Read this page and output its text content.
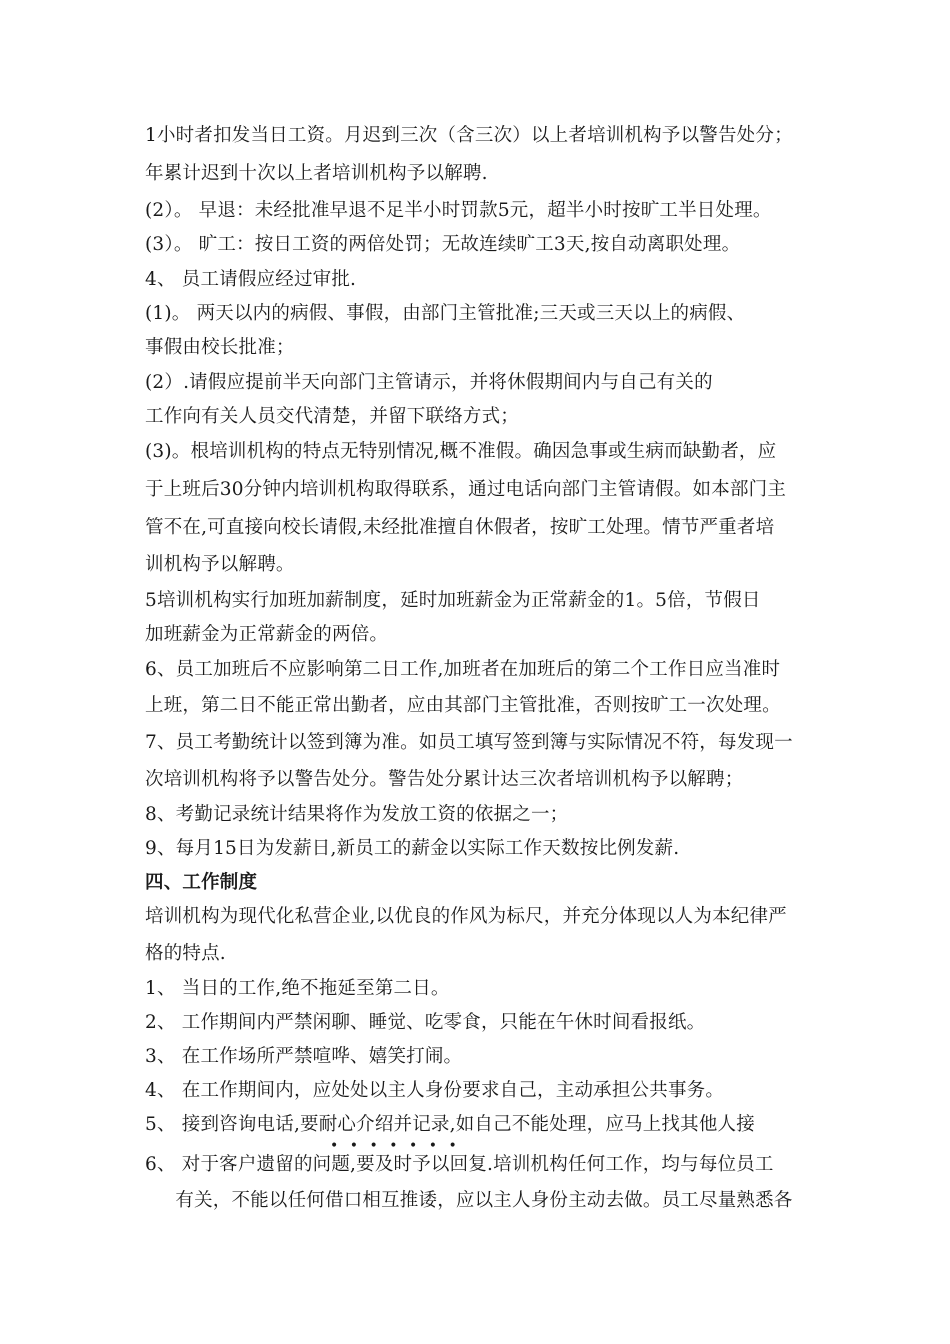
1小时者扣发当日工资。月迟到三次（含三次）以上者培训机构予以警告处分；
年累计迟到十次以上者培训机构予以解聘.
(2）。 早退：未经批准早退不足半小时罚款5元，超半小时按旷工半日处理。
(3）。 旷工：按日工资的两倍处罚；无故连续旷工3天,按自动离职处理。
4、 员工请假应经过审批.
(1)。 两天以内的病假、事假，由部门主管批准;三天或三天以上的病假、
事假由校长批准；
(2）.请假应提前半天向部门主管请示，并将休假期间内与自己有关的
工作向有关人员交代清楚，并留下联络方式；
(3)。根培训机构的特点无特别情况,概不准假。确因急事或生病而缺勤者，应
于上班后30分钟内培训机构取得联系，通过电话向部门主管请假。如本部门主
管不在,可直接向校长请假,未经批准擅自休假者，按旷工处理。情节严重者培
训机构予以解聘。
5培训机构实行加班加薪制度，延时加班薪金为正常薪金的1。5倍，节假日
加班薪金为正常薪金的两倍。
6、员工加班后不应影响第二日工作,加班者在加班后的第二个工作日应当准时
上班，第二日不能正常出勤者，应由其部门主管批准，否则按旷工一次处理。
7、员工考勤统计以签到簿为准。如员工填写签到簿与实际情况不符，每发现一
次培训机构将予以警告处分。警告处分累计达三次者培训机构予以解聘；
8、考勤记录统计结果将作为发放工资的依据之一；
9、每月15日为发薪日,新员工的薪金以实际工作天数按比例发薪.
四、工作制度
培训机构为现代化私营企业,以优良的作风为标尺，并充分体现以人为本纪律严
格的特点.
1、 当日的工作,绝不拖延至第二日。
2、 工作期间内严禁闲聊、睡觉、吃零食，只能在午休时间看报纸。
3、 在工作场所严禁喧哗、嬉笑打闹。
4、 在工作期间内，应处处以主人身份要求自己，主动承担公共事务。
5、 接到咨询电话,要耐心介绍并记录,如自己不能处理，应马上找其他人接
•••••••
6、 对于客户遗留的问题,要及时予以回复.培训机构任何工作，均与每位员工
有关，不能以任何借口相互推诿，应以主人身份主动去做。员工尽量熟悉各
